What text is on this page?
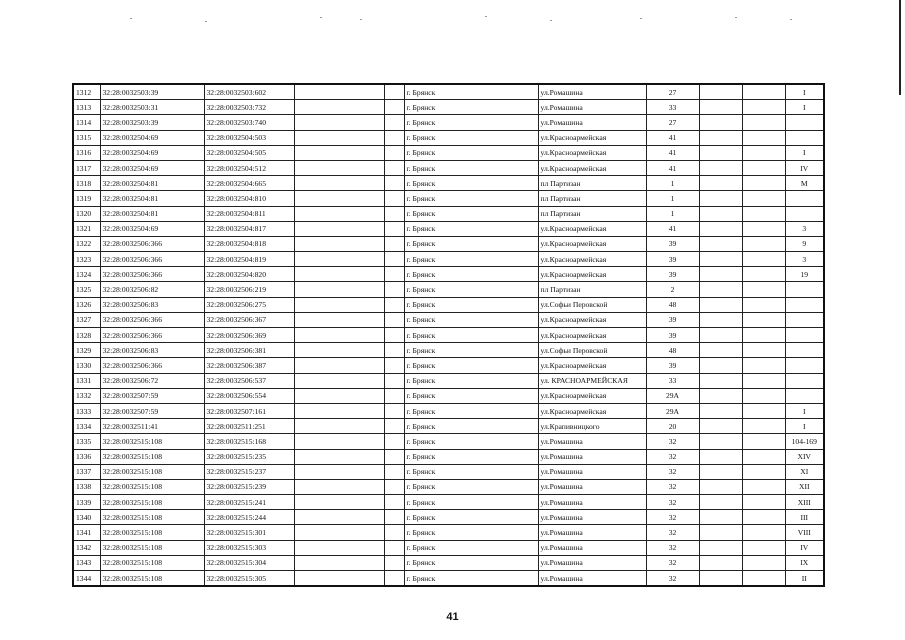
1312	32:28:0032503:39	32:28:0032503:602			г. Брянск	ул.Ромашина	27			I
1313	32:28:0032503:31	32:28:0032503:732			г. Брянск	ул.Ромашина	33			I
1314	32:28:0032503:39	32:28:0032503:740			г. Брянск	ул.Ромашина	27			
1315	32:28:0032504:69	32:28:0032504:503			г. Брянск	ул.Красноармейская	41			
1316	32:28:0032504:69	32:28:0032504:505			г. Брянск	ул.Красноармейская	41			I
1317	32:28:0032504:69	32:28:0032504:512			г. Брянск	ул.Красноармейская	41			IV
1318	32:28:0032504:81	32:28:0032504:665			г. Брянск	пл Партизан	1			М
1319	32:28:0032504:81	32:28:0032504:810			г. Брянск	пл Партизан	1			
1320	32:28:0032504:81	32:28:0032504:811			г. Брянск	пл Партизан	1			
1321	32:28:0032504:69	32:28:0032504:817			г. Брянск	ул.Красноармейская	41			3
1322	32:28:0032506:366	32:28:0032504:818			г. Брянск	ул.Красноармейская	39			9
1323	32:28:0032506:366	32:28:0032504:819			г. Брянск	ул.Красноармейская	39			3
1324	32:28:0032506:366	32:28:0032504:820			г. Брянск	ул.Красноармейская	39			19
1325	32:28:0032506:82	32:28:0032506:219			г. Брянск	пл Партизан	2			
1326	32:28:0032506:83	32:28:0032506:275			г. Брянск	ул.Софьи Перовской	48			
1327	32:28:0032506:366	32:28:0032506:367			г. Брянск	ул.Красноармейская	39			
1328	32:28:0032506:366	32:28:0032506:369			г. Брянск	ул.Красноармейская	39			
1329	32:28:0032506:83	32:28:0032506:381			г. Брянск	ул.Софьи Перовской	48			
1330	32:28:0032506:366	32:28:0032506:387			г. Брянск	ул.Красноармейская	39			
1331	32:28:0032506:72	32:28:0032506:537			г. Брянск	ул. КРАСНОАРМЕЙСКАЯ	33			
1332	32:28:0032507:59	32:28:0032506:554			г. Брянск	ул.Красноармейская	29А			
1333	32:28:0032507:59	32:28:0032507:161			г. Брянск	ул.Красноармейская	29А			I
1334	32:28:0032511:41	32:28:0032511:251			г. Брянск	ул.Крапивницкого	20			I
1335	32:28:0032515:108	32:28:0032515:168			г. Брянск	ул.Ромашина	32			104-169
1336	32:28:0032515:108	32:28:0032515:235			г. Брянск	ул.Ромашина	32			XIV
1337	32:28:0032515:108	32:28:0032515:237			г. Брянск	ул.Ромашина	32			XI
1338	32:28:0032515:108	32:28:0032515:239			г. Брянск	ул.Ромашина	32			XII
1339	32:28:0032515:108	32:28:0032515:241			г. Брянск	ул.Ромашина	32			XIII
1340	32:28:0032515:108	32:28:0032515:244			г. Брянск	ул.Ромашина	32			III
1341	32:28:0032515:108	32:28:0032515:301			г. Брянск	ул.Ромашина	32			VIII
1342	32:28:0032515:108	32:28:0032515:303			г. Брянск	ул.Ромашина	32			IV
1343	32:28:0032515:108	32:28:0032515:304			г. Брянск	ул.Ромашина	32			IX
1344	32:28:0032515:108	32:28:0032515:305			г. Брянск	ул.Ромашина	32			II
41
